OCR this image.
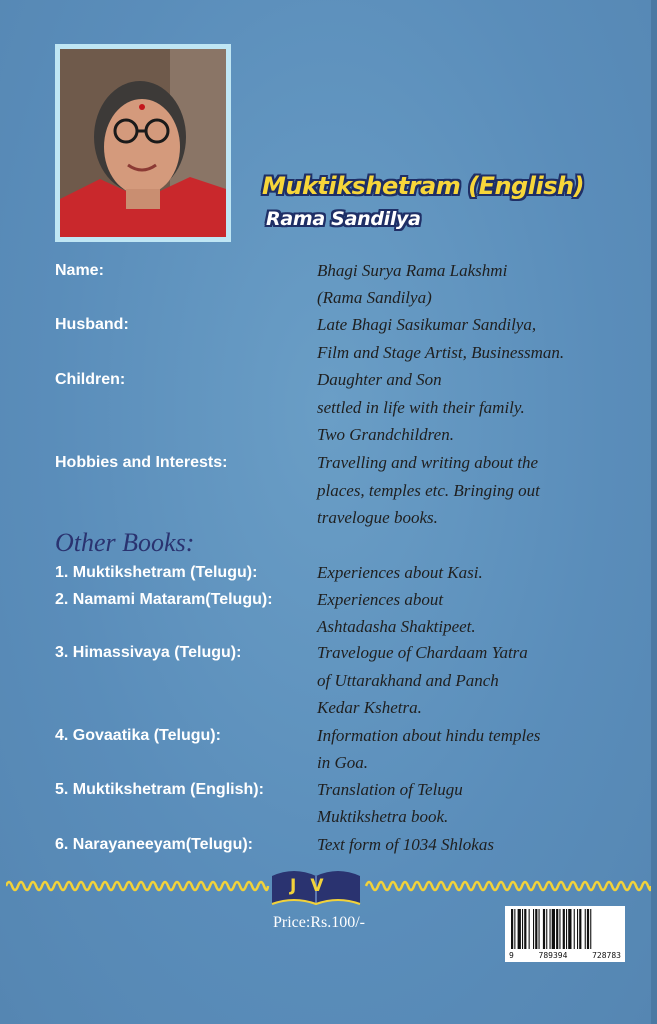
Muktikshetram (English)
Rama Sandilya
Name:	Bhagi Surya Rama Lakshmi
(Rama Sandilya)
Husband:	Late Bhagi Sasikumar Sandilya,
Film and Stage Artist, Businessman.
Children:	Daughter and Son
settled in life with their family.
Two Grandchildren.
Hobbies and Interests:	Travelling and writing about the
places, temples etc. Bringing out
travelogue books.
Other Books:
1. Muktikshetram (Telugu):	Experiences about Kasi.
2. Namami Mataram(Telugu):	Experiences about
Ashtadasha Shaktipeet.
3. Himassivaya (Telugu):	Travelogue of Chardaam Yatra
of Uttarakhand and Panch
Kedar Kshetra.
4. Govaatika (Telugu):	Information about hindu temples
in Goa.
5. Muktikshetram (English):	Translation of Telugu
Muktikshetra book.
6. Narayaneeyam(Telugu):	Text form of 1034 Shlokas
JV
Price:Rs.100/-
9	789394	728783
